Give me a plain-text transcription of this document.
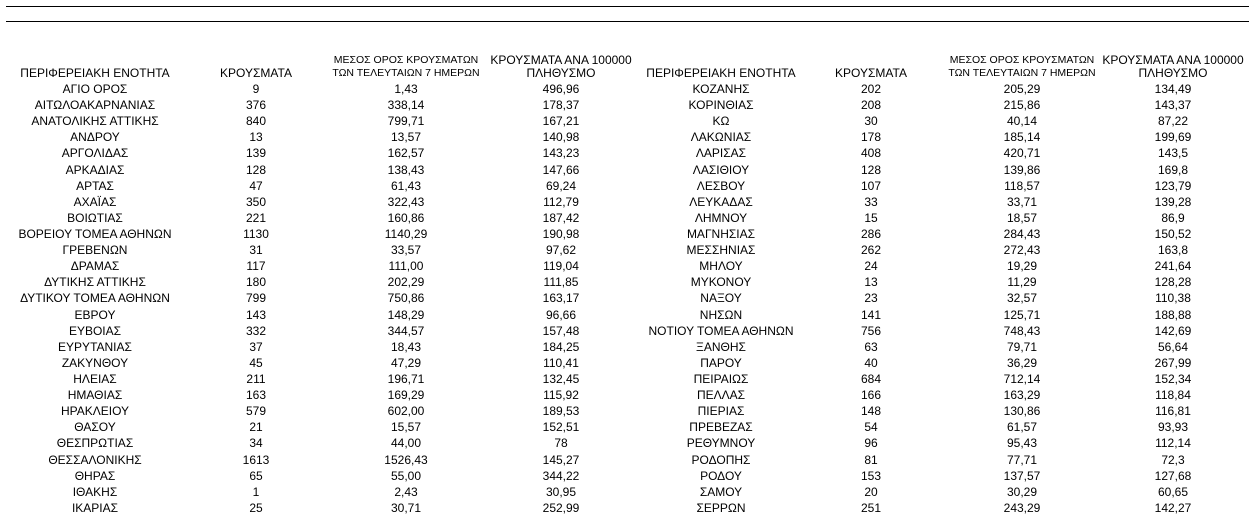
ΠΕΡΙΦΕΡΕΙΑΚΗ ΕΝΟΤΗΤΑ	ΚΡΟΥΣΜΑΤΑ
ΜΕΣΟΣ ΟΡΟΣ ΚΡΟΥΣΜΑΤΩΝ
ΤΩΝ ΤΕΛΕΥΤΑΙΩΝ 7 ΗΜΕΡΩΝ
ΚΡΟΥΣΜΑΤΑ ΑΝΑ 100000
ΠΛΗΘΥΣΜΟ
ΑΓΙΟ ΟΡΟΣ	9	1,43	496,96
ΑΙΤΩΛΟΑΚΑΡΝΑΝΙΑΣ	376	338,14	178,37
ΑΝΑΤΟΛΙΚΗΣ ΑΤΤΙΚΗΣ	840	799,71	167,21
ΑΝΔΡΟΥ	13	13,57	140,98
ΑΡΓΟΛΙΔΑΣ	139	162,57	143,23
ΑΡΚΑΔΙΑΣ	128	138,43	147,66
ΑΡΤΑΣ	47	61,43	69,24
ΑΧΑΪΑΣ	350	322,43	112,79
ΒΟΙΩΤΙΑΣ	221	160,86	187,42
ΒΟΡΕΙΟΥ ΤΟΜΕΑ ΑΘΗΝΩΝ	1130	1140,29	190,98
ΓΡΕΒΕΝΩΝ	31	33,57	97,62
ΔΡΑΜΑΣ	117	111,00	119,04
ΔΥΤΙΚΗΣ ΑΤΤΙΚΗΣ	180	202,29	111,85
ΔΥΤΙΚΟΥ ΤΟΜΕΑ ΑΘΗΝΩΝ	799	750,86	163,17
ΕΒΡΟΥ	143	148,29	96,66
ΕΥΒΟΙΑΣ	332	344,57	157,48
ΕΥΡΥΤΑΝΙΑΣ	37	18,43	184,25
ΖΑΚΥΝΘΟΥ	45	47,29	110,41
ΗΛΕΙΑΣ	211	196,71	132,45
ΗΜΑΘΙΑΣ	163	169,29	115,92
ΗΡΑΚΛΕΙΟΥ	579	602,00	189,53
ΘΑΣΟΥ	21	15,57	152,51
ΘΕΣΠΡΩΤΙΑΣ	34	44,00	78
ΘΕΣΣΑΛΟΝΙΚΗΣ	1613	1526,43	145,27
ΘΗΡΑΣ	65	55,00	344,22
ΙΘΑΚΗΣ	1	2,43	30,95
ΙΚΑΡΙΑΣ	25	30,71	252,99
ΠΕΡΙΦΕΡΕΙΑΚΗ ΕΝΟΤΗΤΑ	ΚΡΟΥΣΜΑΤΑ
ΜΕΣΟΣ ΟΡΟΣ ΚΡΟΥΣΜΑΤΩΝ
ΤΩΝ ΤΕΛΕΥΤΑΙΩΝ 7 ΗΜΕΡΩΝ
ΚΡΟΥΣΜΑΤΑ ΑΝΑ 100000
ΠΛΗΘΥΣΜΟ
ΚΟΖΑΝΗΣ	202	205,29	134,49
ΚΟΡΙΝΘΙΑΣ	208	215,86	143,37
ΚΩ	30	40,14	87,22
ΛΑΚΩΝΙΑΣ	178	185,14	199,69
ΛΑΡΙΣΑΣ	408	420,71	143,5
ΛΑΣΙΘΙΟΥ	128	139,86	169,8
ΛΕΣΒΟΥ	107	118,57	123,79
ΛΕΥΚΑΔΑΣ	33	33,71	139,28
ΛΗΜΝΟΥ	15	18,57	86,9
ΜΑΓΝΗΣΙΑΣ	286	284,43	150,52
ΜΕΣΣΗΝΙΑΣ	262	272,43	163,8
ΜΗΛΟΥ	24	19,29	241,64
ΜΥΚΟΝΟΥ	13	11,29	128,28
ΝΑΞΟΥ	23	32,57	110,38
ΝΗΣΩΝ	141	125,71	188,88
ΝΟΤΙΟΥ ΤΟΜΕΑ ΑΘΗΝΩΝ	756	748,43	142,69
ΞΑΝΘΗΣ	63	79,71	56,64
ΠΑΡΟΥ	40	36,29	267,99
ΠΕΙΡΑΙΩΣ	684	712,14	152,34
ΠΕΛΛΑΣ	166	163,29	118,84
ΠΙΕΡΙΑΣ	148	130,86	116,81
ΠΡΕΒΕΖΑΣ	54	61,57	93,93
ΡΕΘΥΜΝΟΥ	96	95,43	112,14
ΡΟΔΟΠΗΣ	81	77,71	72,3
ΡΟΔΟΥ	153	137,57	127,68
ΣΑΜΟΥ	20	30,29	60,65
ΣΕΡΡΩΝ	251	243,29	142,27
